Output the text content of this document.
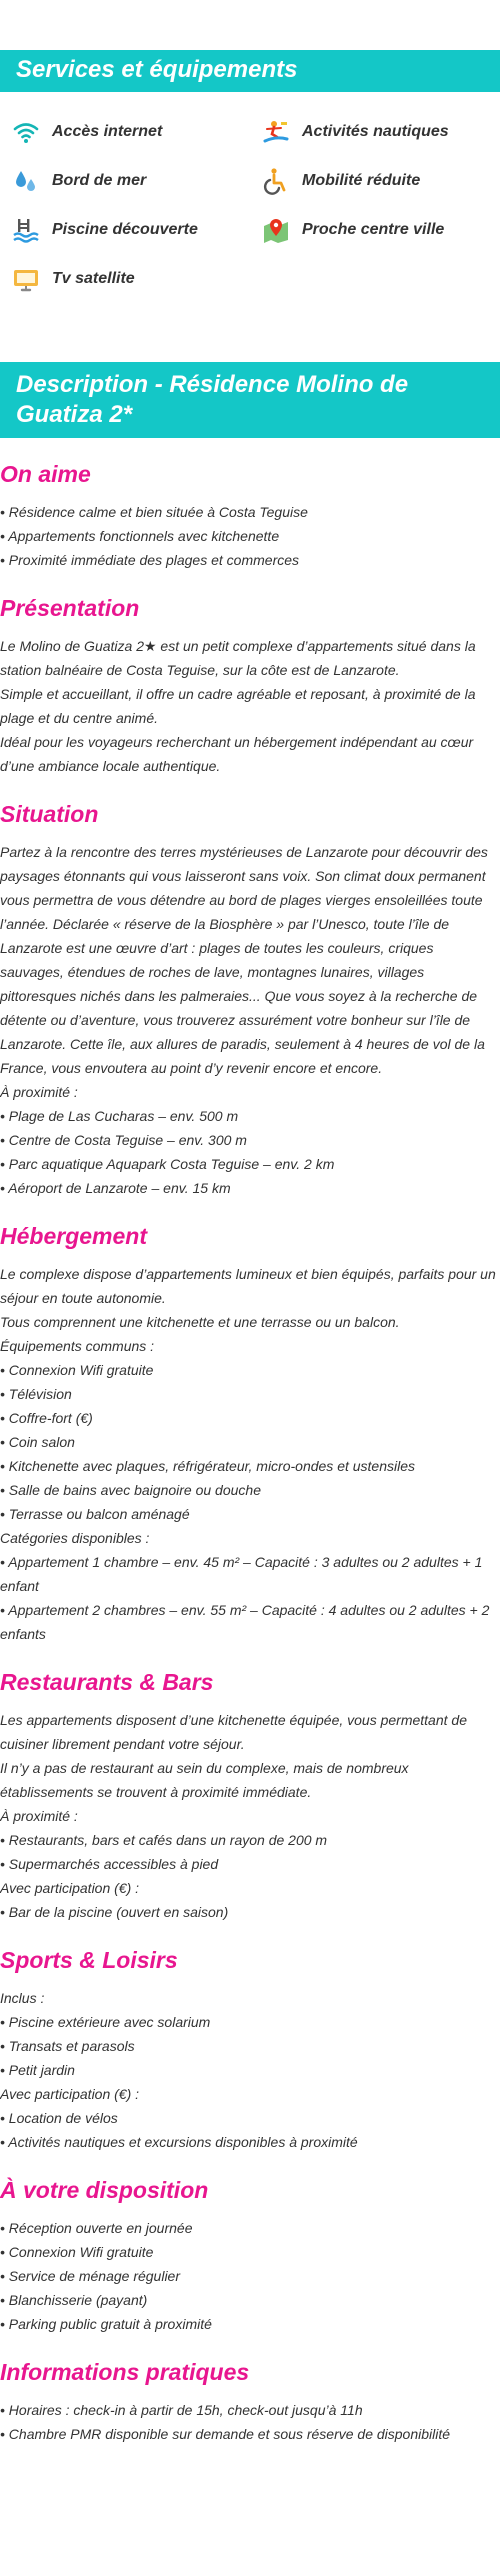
Services et équipements
Accès internet	Activités nautiques
Bord de mer	Mobilité réduite
Piscine découverte	Proche centre ville
Tv satellite
Description - Résidence Molino de Guatiza 2*
On aime
• Résidence calme et bien située à Costa Teguise
• Appartements fonctionnels avec kitchenette
• Proximité immédiate des plages et commerces
Présentation

Le Molino de Guatiza 2★ est un petit complexe d’appartements situé dans la station balnéaire de Costa Teguise, sur la côte est de Lanzarote.

Simple et accueillant, il offre un cadre agréable et reposant, à proximité de la plage et du centre animé.

Idéal pour les voyageurs recherchant un hébergement indépendant au cœur d’une ambiance locale authentique.

Situation

Partez à la rencontre des terres mystérieuses de Lanzarote pour découvrir des paysages étonnants qui vous laisseront sans voix. Son climat doux permanent vous permettra de vous détendre au bord de plages vierges ensoleillées toute l’année. Déclarée « réserve de la Biosphère » par l’Unesco, toute l’île de Lanzarote est une œuvre d’art : plages de toutes les couleurs, criques sauvages, étendues de roches de lave, montagnes lunaires, villages pittoresques nichés dans les palmeraies... Que vous soyez à la recherche de détente ou d’aventure, vous trouverez assurément votre bonheur sur l’île de Lanzarote. Cette île, aux allures de paradis, seulement à 4 heures de vol de la France, vous envoutera au point d’y revenir encore et encore.

À proximité :

• Plage de Las Cucharas – env. 500 m
• Centre de Costa Teguise – env. 300 m
• Parc aquatique Aquapark Costa Teguise – env. 2 km
• Aéroport de Lanzarote – env. 15 km
Hébergement

Le complexe dispose d’appartements lumineux et bien équipés, parfaits pour un séjour en toute autonomie.

Tous comprennent une kitchenette et une terrasse ou un balcon.

Équipements communs :

• Connexion Wifi gratuite
• Télévision
• Coffre-fort (€)
• Coin salon
• Kitchenette avec plaques, réfrigérateur, micro-ondes et ustensiles
• Salle de bains avec baignoire ou douche
• Terrasse ou balcon aménagé

Catégories disponibles :

• Appartement 1 chambre – env. 45 m² – Capacité : 3 adultes ou 2 adultes + 1 enfant
• Appartement 2 chambres – env. 55 m² – Capacité : 4 adultes ou 2 adultes + 2 enfants
Restaurants & Bars

Les appartements disposent d’une kitchenette équipée, vous permettant de cuisiner librement pendant votre séjour.

Il n’y a pas de restaurant au sein du complexe, mais de nombreux établissements se trouvent à proximité immédiate.

À proximité :

• Restaurants, bars et cafés dans un rayon de 200 m
• Supermarchés accessibles à pied

Avec participation (€) :

• Bar de la piscine (ouvert en saison)
Sports & Loisirs

Inclus :

• Piscine extérieure avec solarium
• Transats et parasols
• Petit jardin

Avec participation (€) :

• Location de vélos
• Activités nautiques et excursions disponibles à proximité
À votre disposition
• Réception ouverte en journée
• Connexion Wifi gratuite
• Service de ménage régulier
• Blanchisserie (payant)
• Parking public gratuit à proximité
Informations pratiques
• Horaires : check-in à partir de 15h, check-out jusqu’à 11h
• Chambre PMR disponible sur demande et sous réserve de disponibilité
